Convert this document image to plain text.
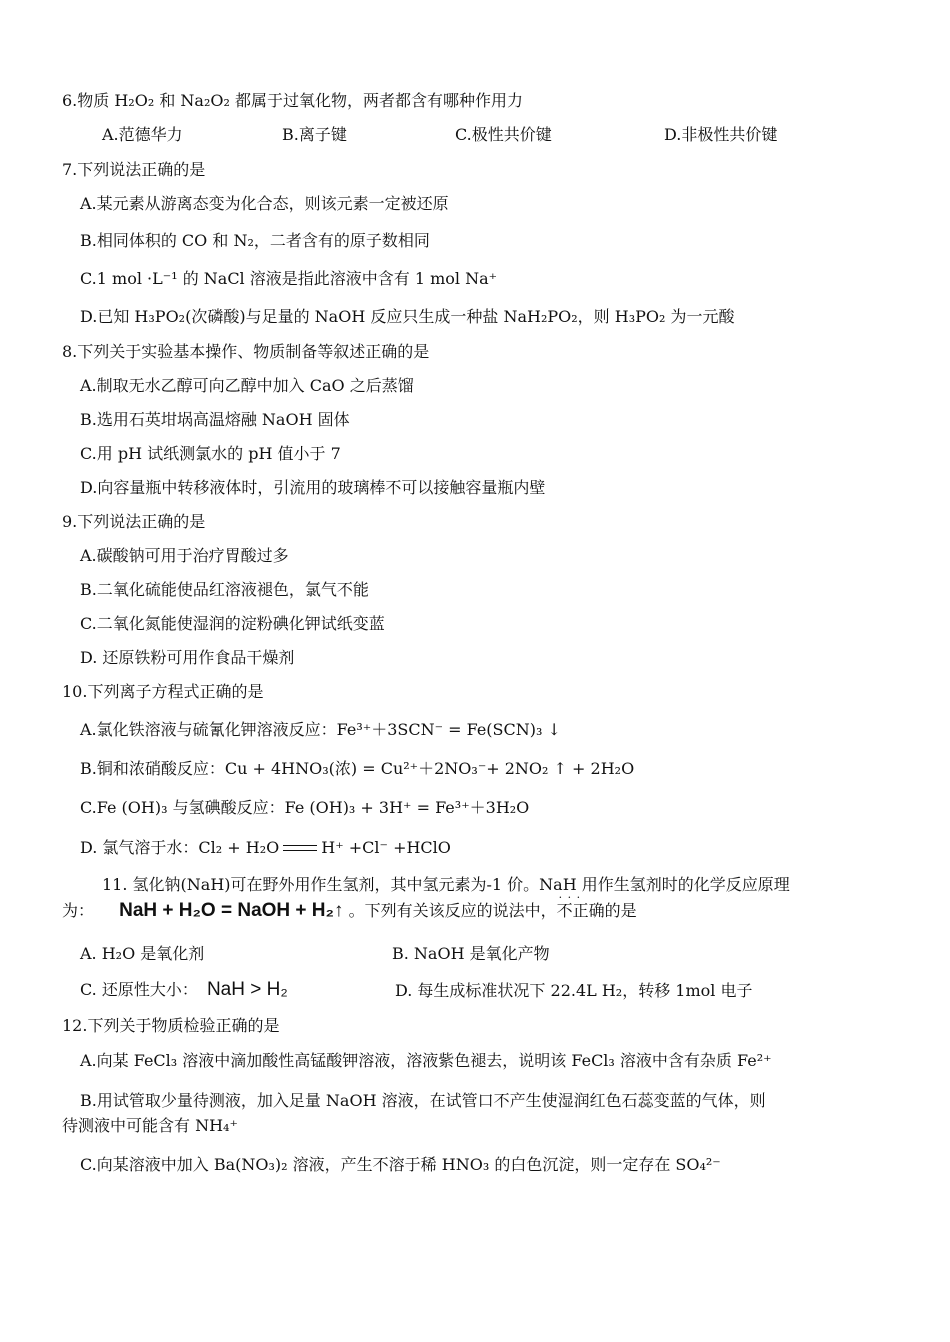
6.物质 H₂O₂ 和 Na₂O₂ 都属于过氧化物，两者都含有哪种作用力
A.范德华力	B.离子键	C.极性共价键	D.非极性共价键
7.下列说法正确的是
A.某元素从游离态变为化合态，则该元素一定被还原
B.相同体积的 CO 和 N₂，二者含有的原子数相同
C.1 mol ·L⁻¹ 的 NaCl 溶液是指此溶液中含有 1 mol Na⁺
D.已知 H₃PO₂(次磷酸)与足量的 NaOH 反应只生成一种盐 NaH₂PO₂，则 H₃PO₂ 为一元酸
8.下列关于实验基本操作、物质制备等叙述正确的是
A.制取无水乙醇可向乙醇中加入 CaO 之后蒸馏
B.选用石英坩埚高温熔融 NaOH 固体
C.用 pH 试纸测氯水的 pH 值小于 7
D.向容量瓶中转移液体时，引流用的玻璃棒不可以接触容量瓶内壁
9.下列说法正确的是
A.碳酸钠可用于治疗胃酸过多
B.二氧化硫能使品红溶液褪色，氯气不能
C.二氧化氮能使湿润的淀粉碘化钾试纸变蓝
D. 还原铁粉可用作食品干燥剂
10.下列离子方程式正确的是
A.氯化铁溶液与硫氰化钾溶液反应：Fe³⁺＋3SCN⁻ = Fe(SCN)₃ ↓
B.铜和浓硝酸反应：Cu + 4HNO₃(浓) = Cu²⁺＋2NO₃⁻+ 2NO₂ ↑ + 2H₂O
C.Fe (OH)₃ 与氢碘酸反应：Fe (OH)₃ + 3H⁺ = Fe³⁺＋3H₂O
D. 氯气溶于水：Cl₂ + H₂O	H⁺ +Cl⁻ +HClO
11. 氢化钠(NaH)可在野外用作生氢剂，其中氢元素为-1 价。NaH 用作生氢剂时的化学反应原理
为： NaH + H₂O = NaOH + H₂↑ 。下列有关该反应的说法中，不正确 · · ·的是
A. H₂O 是氧化剂	B. NaOH 是氧化产物
C. 还原性大小： NaH > H₂	D. 每生成标准状况下 22.4L H₂，转移 1mol 电子
12.下列关于物质检验正确的是
A.向某 FeCl₃ 溶液中滴加酸性高锰酸钾溶液，溶液紫色褪去，说明该 FeCl₃ 溶液中含有杂质 Fe²⁺
B.用试管取少量待测液，加入足量 NaOH 溶液，在试管口不产生使湿润红色石蕊变蓝的气体，则
待测液中可能含有 NH₄⁺
C.向某溶液中加入 Ba(NO₃)₂ 溶液，产生不溶于稀 HNO₃ 的白色沉淀，则一定存在 SO₄²⁻
